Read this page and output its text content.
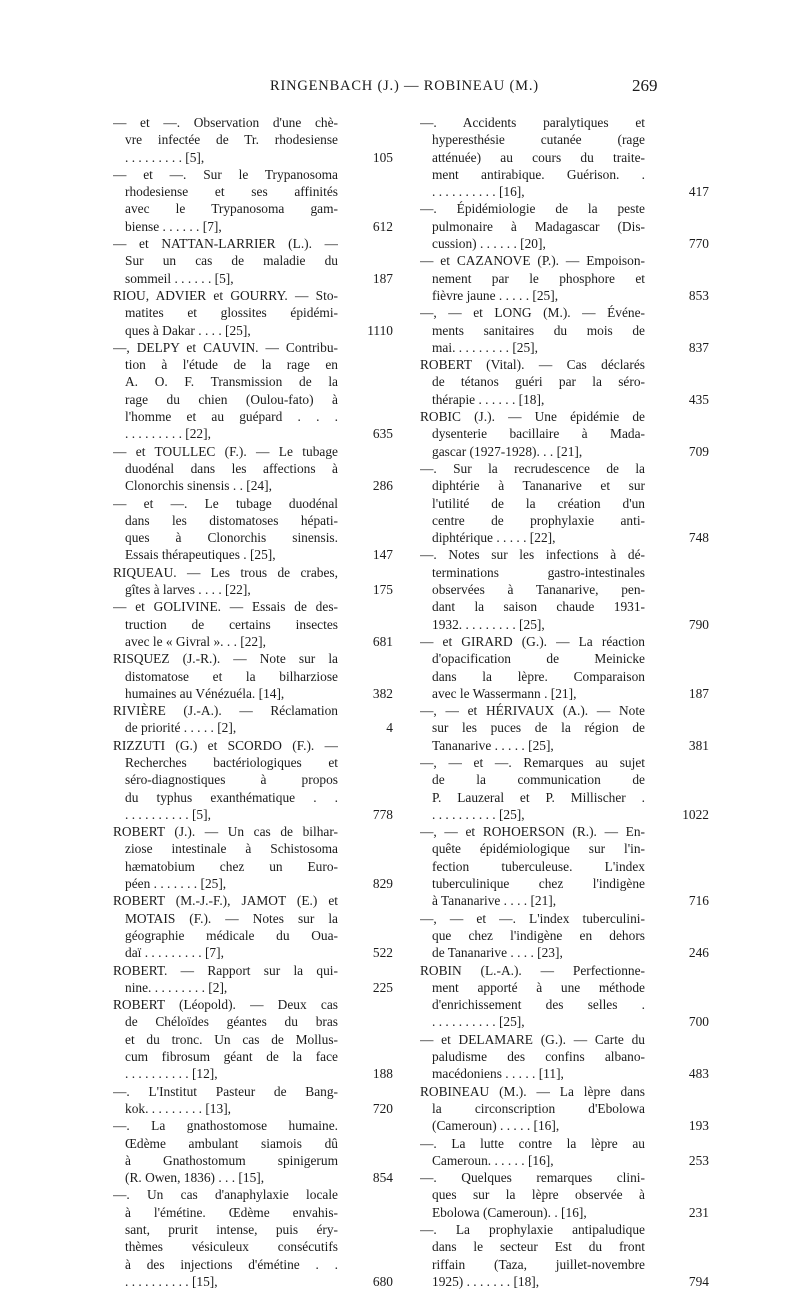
RINGENBACH (J.) — ROBINEAU (M.)	269
— et —. Observation d'une chè-
vre infectée de Tr. rhodesiense
. . . . . . . . . [5],	105
— et —. Sur le Trypanosoma
rhodesiense et ses affinités
avec le Trypanosoma gam-
biense . . . . . . [7],	612
— et NATTAN-LARRIER (L.). —
Sur un cas de maladie du
sommeil . . . . . . [5],	187
RIOU, ADVIER et GOURRY. — Sto-
matites et glossites épidémi-
ques à Dakar . . . . [25],	1110
—, DELPY et CAUVIN. — Contribu-
tion à l'étude de la rage en
A. O. F. Transmission de la
rage du chien (Oulou-fato) à
l'homme et au guépard . . .
. . . . . . . . . [22],	635
— et TOULLEC (F.). — Le tubage
duodénal dans les affections à
Clonorchis sinensis . . [24],	286
— et —. Le tubage duodénal
dans les distomatoses hépati-
ques à Clonorchis sinensis.
Essais thérapeutiques . [25],	147
RIQUEAU. — Les trous de crabes,
gîtes à larves . . . . [22],	175
— et GOLIVINE. — Essais de des-
truction de certains insectes
avec le « Givral ». . . [22],	681
RISQUEZ (J.-R.). — Note sur la
distomatose et la bilharziose
humaines au Vénézuéla. [14],	382
RIVIÈRE (J.-A.). — Réclamation
de priorité . . . . . [2],	4
RIZZUTI (G.) et SCORDO (F.). —
Recherches bactériologiques et
séro-diagnostiques à propos
du typhus exanthématique . .
. . . . . . . . . . [5],	778
ROBERT (J.). — Un cas de bilhar-
ziose intestinale à Schistosoma
hæmatobium chez un Euro-
péen . . . . . . . [25],	829
ROBERT (M.-J.-F.), JAMOT (E.) et
MOTAIS (F.). — Notes sur la
géographie médicale du Oua-
daï . . . . . . . . . [7],	522
ROBERT. — Rapport sur la qui-
nine. . . . . . . . . [2],	225
ROBERT (Léopold). — Deux cas
de Chéloïdes géantes du bras
et du tronc. Un cas de Mollus-
cum fibrosum géant de la face
. . . . . . . . . . [12],	188
—. L'Institut Pasteur de Bang-
kok. . . . . . . . . [13],	720
—. La gnathostomose humaine.
Œdème ambulant siamois dû
à Gnathostomum spinigerum
(R. Owen, 1836) . . . [15],	854
—. Un cas d'anaphylaxie locale
à l'émétine. Œdème envahis-
sant, prurit intense, puis éry-
thèmes vésiculeux consécutifs
à des injections d'émétine . .
. . . . . . . . . . [15],	680
—. Accidents paralytiques et
hyperesthésie cutanée (rage
atténuée) au cours du traite-
ment antirabique. Guérison. .
. . . . . . . . . . [16],	417
—. Épidémiologie de la peste
pulmonaire à Madagascar (Dis-
cussion) . . . . . . [20],	770
— et CAZANOVE (P.). — Empoison-
nement par le phosphore et
fièvre jaune . . . . . [25],	853
—, — et LONG (M.). — Événe-
ments sanitaires du mois de
mai. . . . . . . . . [25],	837
ROBERT (Vital). — Cas déclarés
de tétanos guéri par la séro-
thérapie . . . . . . [18],	435
ROBIC (J.). — Une épidémie de
dysenterie bacillaire à Mada-
gascar (1927-1928). . . [21],	709
—. Sur la recrudescence de la
diphtérie à Tananarive et sur
l'utilité de la création d'un
centre de prophylaxie anti-
diphtérique . . . . . [22],	748
—. Notes sur les infections à dé-
terminations gastro-intestinales
observées à Tananarive, pen-
dant la saison chaude 1931-
1932. . . . . . . . . [25],	790
— et GIRARD (G.). — La réaction
d'opacification de Meinicke
dans la lèpre. Comparaison
avec le Wassermann . [21],	187
—, — et HÉRIVAUX (A.). — Note
sur les puces de la région de
Tananarive . . . . . [25],	381
—, — et —. Remarques au sujet
de la communication de
P. Lauzeral et P. Millischer .
. . . . . . . . . . [25],	1022
—, — et ROHOERSON (R.). — En-
quête épidémiologique sur l'in-
fection tuberculeuse. L'index
tuberculinique chez l'indigène
à Tananarive . . . . [21],	716
—, — et —. L'index tuberculini-
que chez l'indigène en dehors
de Tananarive . . . . [23],	246
ROBIN (L.-A.). — Perfectionne-
ment apporté à une méthode
d'enrichissement des selles .
. . . . . . . . . . [25],	700
— et DELAMARE (G.). — Carte du
paludisme des confins albano-
macédoniens . . . . . [11],	483
ROBINEAU (M.). — La lèpre dans
la circonscription d'Ebolowa
(Cameroun) . . . . . [16],	193
—. La lutte contre la lèpre au
Cameroun. . . . . . [16],	253
—. Quelques remarques clini-
ques sur la lèpre observée à
Ebolowa (Cameroun). . [16],	231
—. La prophylaxie antipaludique
dans le secteur Est du front
riffain (Taza, juillet-novembre
1925) . . . . . . . [18],	794
